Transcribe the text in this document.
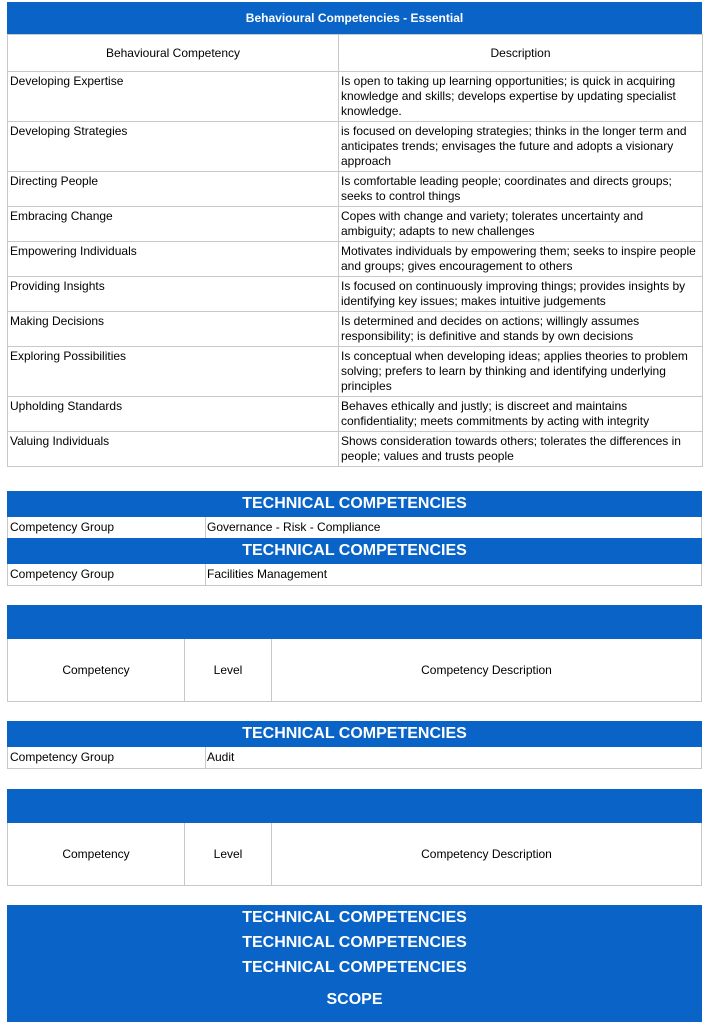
Behavioural Competencies - Essential
Behavioural Competency	Description
Developing Expertise	Is open to taking up learning opportunities; is quick in acquiring knowledge and skills; develops expertise by updating specialist knowledge.
Developing Strategies	is focused on developing strategies; thinks in the longer term and anticipates trends; envisages the future and adopts a visionary approach
Directing People	Is comfortable leading people; coordinates and directs groups; seeks to control things
Embracing Change	Copes with change and variety; tolerates uncertainty and ambiguity; adapts to new challenges
Empowering Individuals	Motivates individuals by empowering them; seeks to inspire people and groups; gives encouragement to others
Providing Insights	Is focused on continuously improving things; provides insights by identifying key issues; makes intuitive judgements
Making Decisions	Is determined and decides on actions; willingly assumes responsibility; is definitive and stands by own decisions
Exploring Possibilities	Is conceptual when developing ideas; applies theories to problem solving; prefers to learn by thinking and identifying underlying principles
Upholding Standards	Behaves ethically and justly; is discreet and maintains confidentiality; meets commitments by acting with integrity
Valuing Individuals	Shows consideration towards others; tolerates the differences in people; values and trusts people
TECHNICAL COMPETENCIES
Competency Group	Governance - Risk - Compliance
TECHNICAL COMPETENCIES
Competency Group	Facilities Management
Competency	Level	Competency Description
TECHNICAL COMPETENCIES
Competency Group	Audit
Competency	Level	Competency Description
TECHNICAL COMPETENCIES
TECHNICAL COMPETENCIES
TECHNICAL COMPETENCIES
SCOPE
